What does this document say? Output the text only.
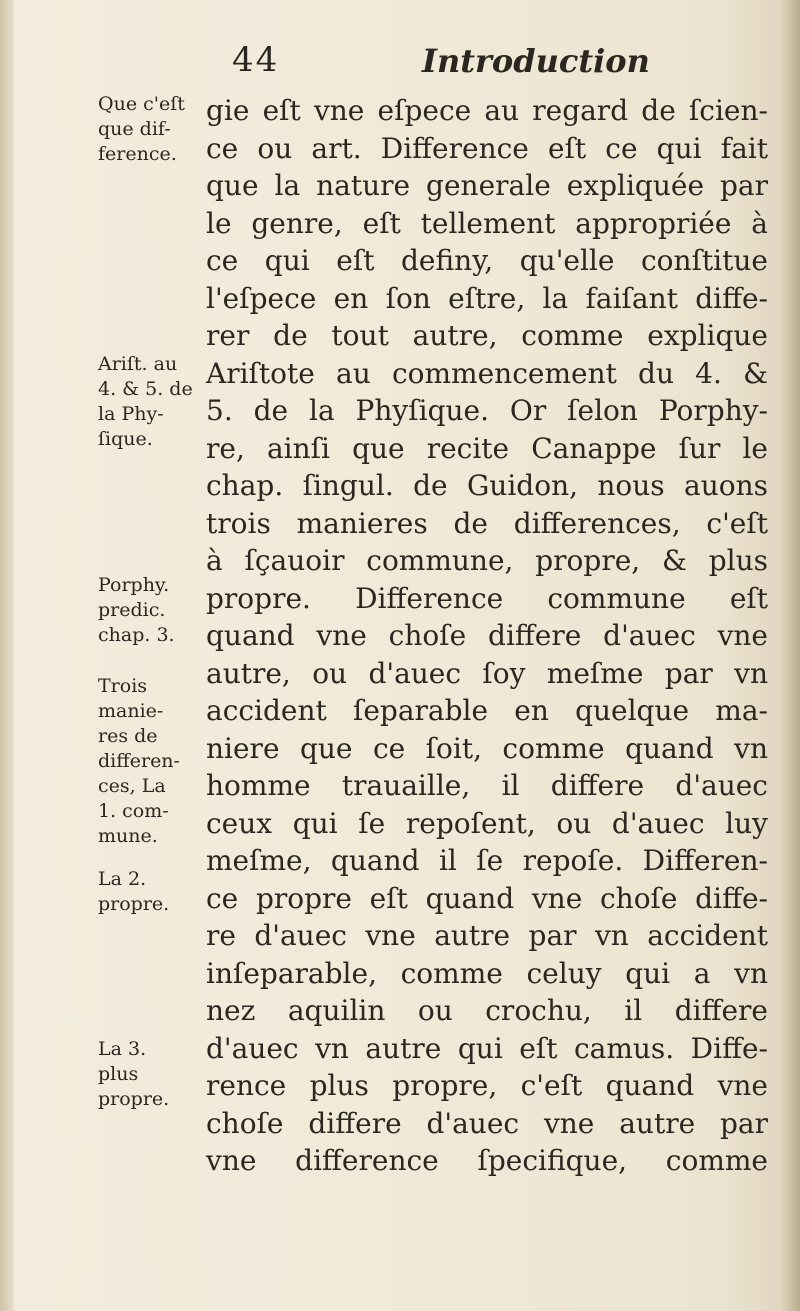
44	Introduction
gie eſt vne eſpece au regard de ſcien-
ce ou art. Difference eſt ce qui fait
que la nature generale expliquée par
le genre, eſt tellement appropriée à
ce qui eſt definy, qu'elle conſtitue
l'eſpece en ſon eſtre, la faiſant diffe-
rer de tout autre, comme explique
Ariſtote au commencement du 4. &
5. de la Phyſique. Or ſelon Porphy-
re, ainſi que recite Canappe ſur le
chap. ſingul. de Guidon, nous auons
trois manieres de differences, c'eſt
à ſçauoir commune, propre, & plus
propre. Difference commune eſt
quand vne choſe differe d'auec vne
autre, ou d'auec ſoy meſme par vn
accident ſeparable en quelque ma-
niere que ce ſoit, comme quand vn
homme trauaille, il differe d'auec
ceux qui ſe repoſent, ou d'auec luy
meſme, quand il ſe repoſe. Differen-
ce propre eſt quand vne choſe diffe-
re d'auec vne autre par vn accident
inſeparable, comme celuy qui a vn
nez aquilin ou crochu, il differe
d'auec vn autre qui eſt camus. Diffe-
rence plus propre, c'eſt quand vne
choſe differe d'auec vne autre par
vne difference ſpecifique, comme
Que c'eſt
que dif-
ference.
Ariſt. au
4. & 5. de
la Phy-
ſique.
Porphy.
predic.
chap. 3.
Trois
manie-
res de
differen-
ces, La
1. com-
mune.
La 2.
propre.
La 3.
plus
propre.
